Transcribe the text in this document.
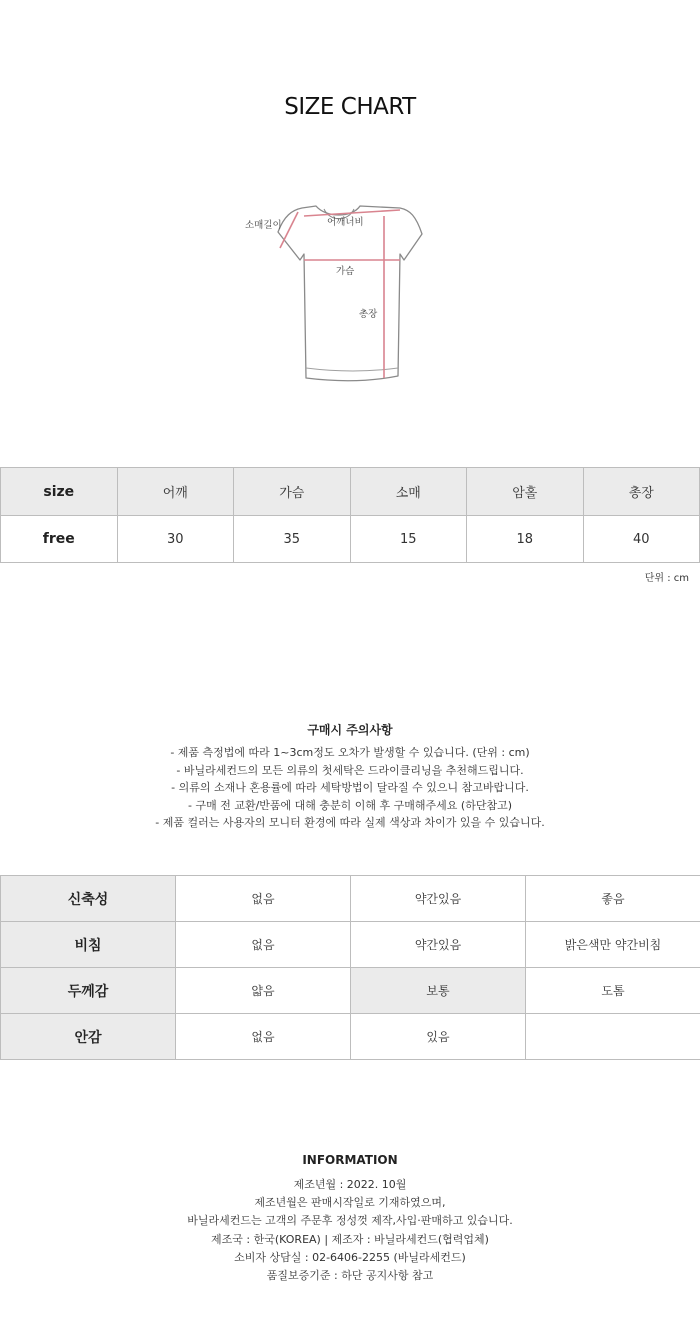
SIZE CHART
소매길이	어깨너비
가슴
총장
size	어깨	가슴	소매	암홀	총장
free	30	35	15	18	40
단위 : cm
구매시 주의사항
- 제품 측정법에 따라 1~3cm정도 오차가 발생할 수 있습니다. (단위 : cm)
- 바닐라세컨드의 모든 의류의 첫세탁은 드라이클리닝을 추천해드립니다.
- 의류의 소재나 혼용률에 따라 세탁방법이 달라질 수 있으니 참고바랍니다.
- 구매 전 교환/반품에 대해 충분히 이해 후 구매해주세요 (하단참고)
- 제품 컬러는 사용자의 모니터 환경에 따라 실제 색상과 차이가 있을 수 있습니다.
신축성	없음	약간있음	좋음
비침	없음	약간있음	밝은색만 약간비침
두께감	얇음	보통	도톰
안감	없음	있음	
INFORMATION
제조년월 : 2022. 10월
제조년월은 판매시작일로 기재하였으며,
바닐라세컨드는 고객의 주문후 정성껏 제작,사입·판매하고 있습니다.
제조국 : 한국(KOREA) | 제조자 : 바닐라세컨드(협력업체)
소비자 상담실 : 02-6406-2255 (바닐라세컨드)
품질보증기준 : 하단 공지사항 참고
